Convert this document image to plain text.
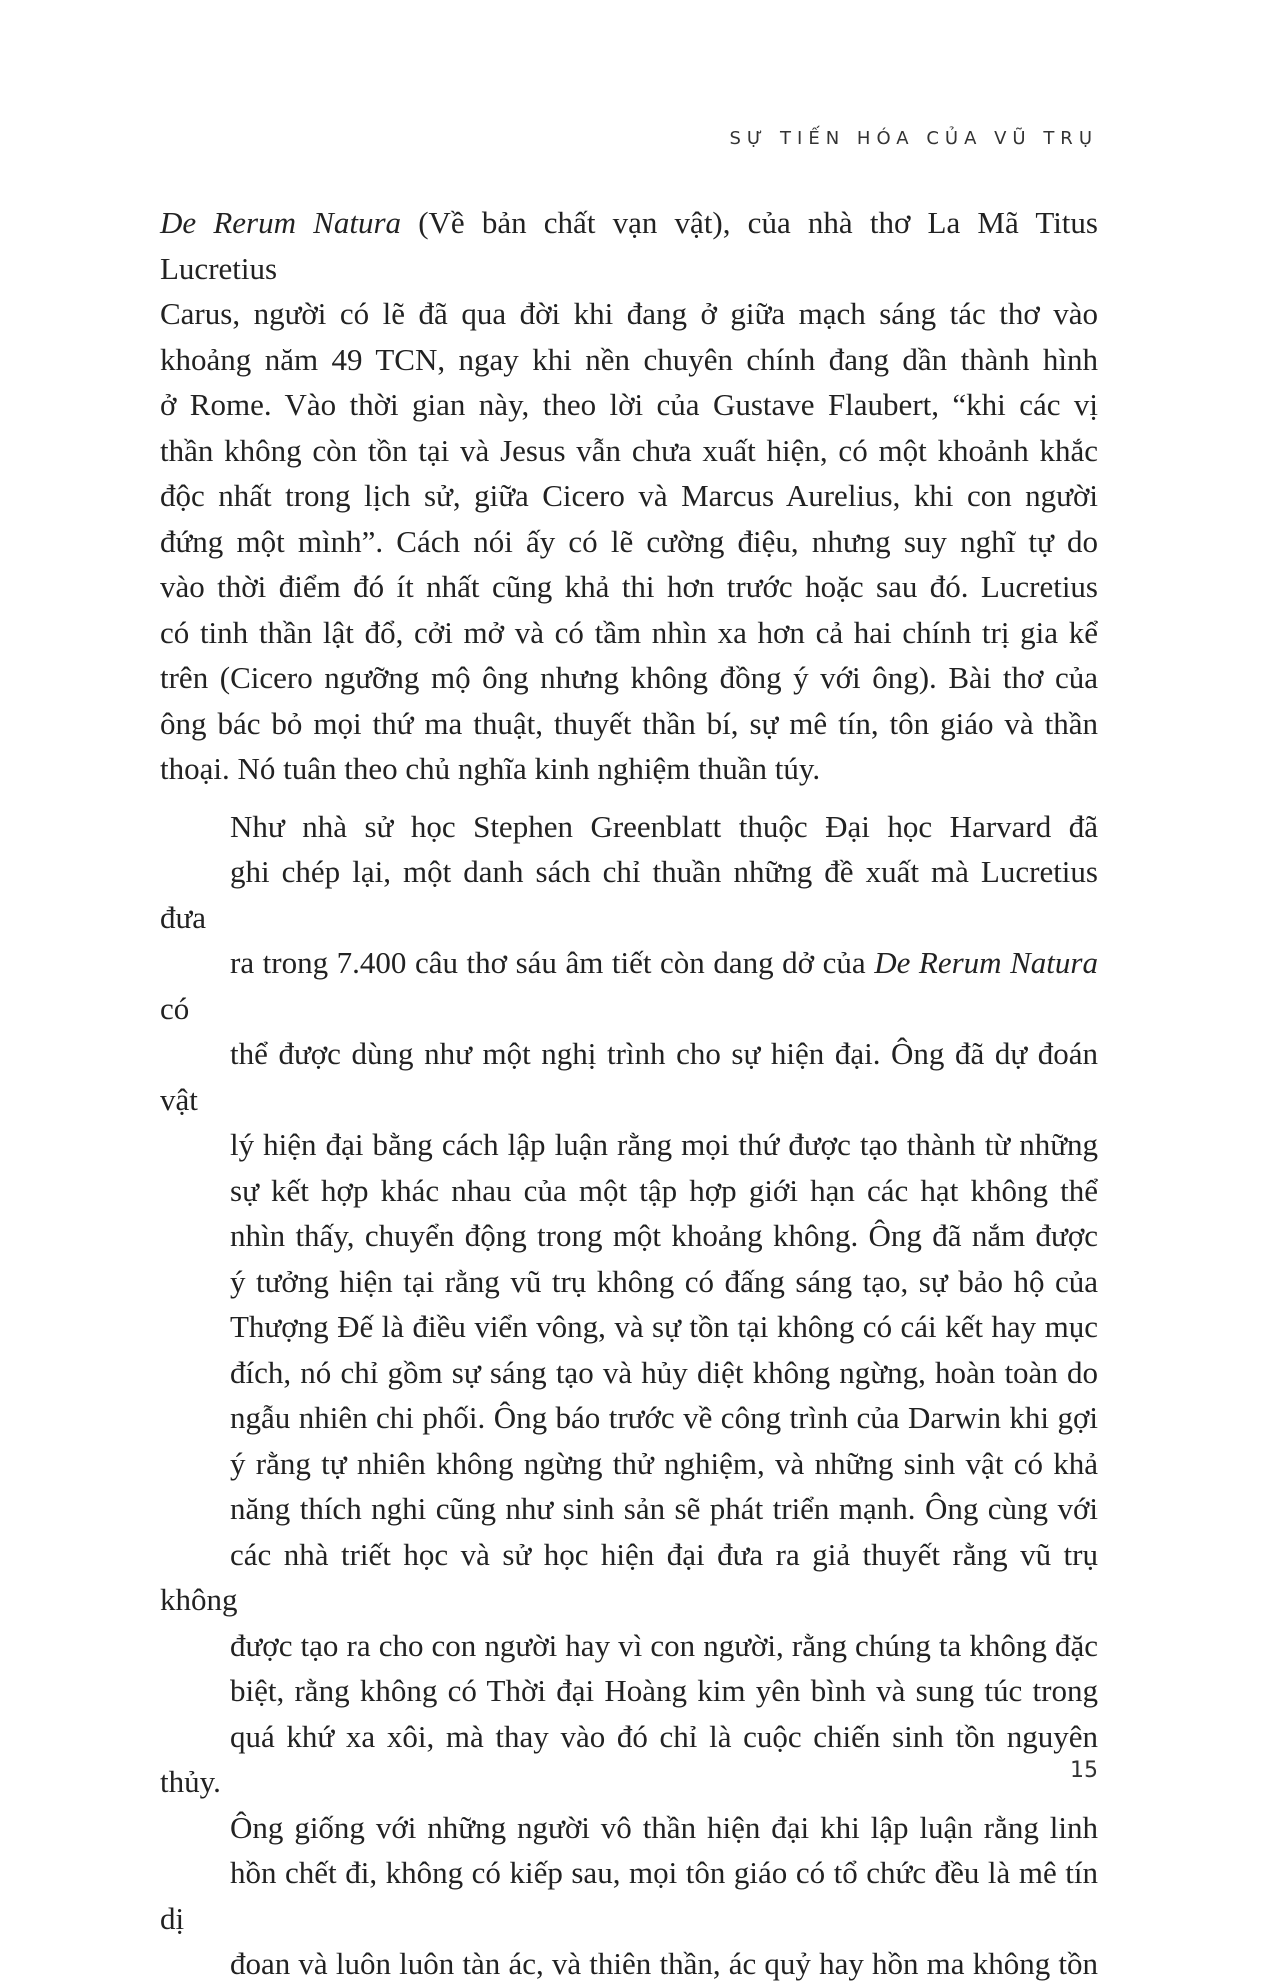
SỰ TIẾN HÓA CỦA VŨ TRỤ

De Rerum Natura (Về bản chất vạn vật), của nhà thơ La Mã Titus Lucretius
Carus, người có lẽ đã qua đời khi đang ở giữa mạch sáng tác thơ vào
khoảng năm 49 TCN, ngay khi nền chuyên chính đang dần thành hình
ở Rome. Vào thời gian này, theo lời của Gustave Flaubert, “khi các vị
thần không còn tồn tại và Jesus vẫn chưa xuất hiện, có một khoảnh khắc
độc nhất trong lịch sử, giữa Cicero và Marcus Aurelius, khi con người
đứng một mình”. Cách nói ấy có lẽ cường điệu, nhưng suy nghĩ tự do
vào thời điểm đó ít nhất cũng khả thi hơn trước hoặc sau đó. Lucretius
có tinh thần lật đổ, cởi mở và có tầm nhìn xa hơn cả hai chính trị gia kể
trên (Cicero ngưỡng mộ ông nhưng không đồng ý với ông). Bài thơ của
ông bác bỏ mọi thứ ma thuật, thuyết thần bí, sự mê tín, tôn giáo và thần
thoại. Nó tuân theo chủ nghĩa kinh nghiệm thuần túy.

Như nhà sử học Stephen Greenblatt thuộc Đại học Harvard đã
ghi chép lại, một danh sách chỉ thuần những đề xuất mà Lucretius đưa
ra trong 7.400 câu thơ sáu âm tiết còn dang dở của De Rerum Natura có
thể được dùng như một nghị trình cho sự hiện đại. Ông đã dự đoán vật
lý hiện đại bằng cách lập luận rằng mọi thứ được tạo thành từ những
sự kết hợp khác nhau của một tập hợp giới hạn các hạt không thể
nhìn thấy, chuyển động trong một khoảng không. Ông đã nắm được
ý tưởng hiện tại rằng vũ trụ không có đấng sáng tạo, sự bảo hộ của
Thượng Đế là điều viển vông, và sự tồn tại không có cái kết hay mục
đích, nó chỉ gồm sự sáng tạo và hủy diệt không ngừng, hoàn toàn do
ngẫu nhiên chi phối. Ông báo trước về công trình của Darwin khi gợi
ý rằng tự nhiên không ngừng thử nghiệm, và những sinh vật có khả
năng thích nghi cũng như sinh sản sẽ phát triển mạnh. Ông cùng với
các nhà triết học và sử học hiện đại đưa ra giả thuyết rằng vũ trụ không
được tạo ra cho con người hay vì con người, rằng chúng ta không đặc
biệt, rằng không có Thời đại Hoàng kim yên bình và sung túc trong
quá khứ xa xôi, mà thay vào đó chỉ là cuộc chiến sinh tồn nguyên thủy.
Ông giống với những người vô thần hiện đại khi lập luận rằng linh
hồn chết đi, không có kiếp sau, mọi tôn giáo có tổ chức đều là mê tín dị
đoan và luôn luôn tàn ác, và thiên thần, ác quỷ hay hồn ma không tồn

15
